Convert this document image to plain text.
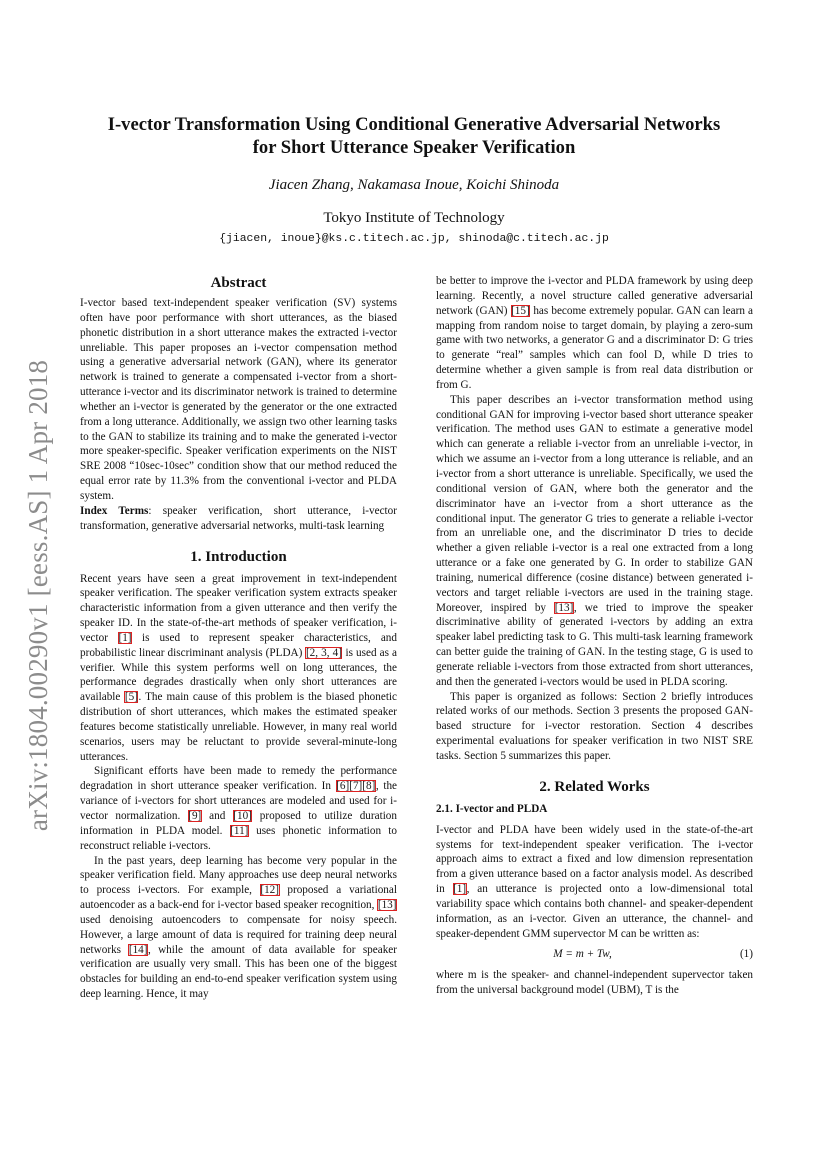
arXiv:1804.00290v1 [eess.AS] 1 Apr 2018
I-vector Transformation Using Conditional Generative Adversarial Networks
for Short Utterance Speaker Verification
Jiacen Zhang, Nakamasa Inoue, Koichi Shinoda
Tokyo Institute of Technology
{jiacen, inoue}@ks.c.titech.ac.jp, shinoda@c.titech.ac.jp
Abstract

I-vector based text-independent speaker verification (SV) systems often have poor performance with short utterances, as the biased phonetic distribution in a short utterance makes the extracted i-vector unreliable. This paper proposes an i-vector compensation method using a generative adversarial network (GAN), where its generator network is trained to generate a compensated i-vector from a short-utterance i-vector and its discriminator network is trained to determine whether an i-vector is generated by the generator or the one extracted from a long utterance. Additionally, we assign two other learning tasks to the GAN to stabilize its training and to make the generated i-vector more speaker-specific. Speaker verification experiments on the NIST SRE 2008 “10sec-10sec” condition show that our method reduced the equal error rate by 11.3% from the conventional i-vector and PLDA system.

Index Terms: speaker verification, short utterance, i-vector transformation, generative adversarial networks, multi-task learning

1. Introduction

Recent years have seen a great improvement in text-independent speaker verification. The speaker verification system extracts speaker characteristic information from a given utterance and then verify the speaker ID. In the state-of-the-art methods of speaker verification, i-vector [1] is used to represent speaker characteristics, and probabilistic linear discriminant analysis (PLDA) [2, 3, 4] is used as a verifier. While this system performs well on long utterances, the performance degrades drastically when only short utterances are available [5]. The main cause of this problem is the biased phonetic distribution of short utterances, which makes the estimated speaker features become statistically unreliable. However, in many real world scenarios, users may be reluctant to provide several-minute-long utterances.

Significant efforts have been made to remedy the performance degradation in short utterance speaker verification. In [6][7][8], the variance of i-vectors for short utterances are modeled and used for i-vector normalization. [9] and [10] proposed to utilize duration information in PLDA model. [11] uses phonetic information to reconstruct reliable i-vectors.

In the past years, deep learning has become very popular in the speaker verification field. Many approaches use deep neural networks to process i-vectors. For example, [12] proposed a variational autoencoder as a back-end for i-vector based speaker recognition, [13] used denoising autoencoders to compensate for noisy speech. However, a large amount of data is required for training deep neural networks [14], while the amount of data available for speaker verification are usually very small. This has been one of the biggest obstacles for building an end-to-end speaker verification system using deep learning. Hence, it may

be better to improve the i-vector and PLDA framework by using deep learning. Recently, a novel structure called generative adversarial network (GAN) [15] has become extremely popular. GAN can learn a mapping from random noise to target domain, by playing a zero-sum game with two networks, a generator G and a discriminator D: G tries to generate “real” samples which can fool D, while D tries to determine whether a given sample is from real data distribution or from G.

This paper describes an i-vector transformation method using conditional GAN for improving i-vector based short utterance speaker verification. The method uses GAN to estimate a generative model which can generate a reliable i-vector from an unreliable i-vector, in which we assume an i-vector from a long utterance is reliable, and an i-vector from a short utterance is unreliable. Specifically, we used the conditional version of GAN, where both the generator and the discriminator have an i-vector from a short utterance as the conditional input. The generator G tries to generate a reliable i-vector from an unreliable one, and the discriminator D tries to decide whether a given reliable i-vector is a real one extracted from a long utterance or a fake one generated by G. In order to stabilize GAN training, numerical difference (cosine distance) between generated i-vectors and target reliable i-vectors are used in the training stage. Moreover, inspired by [13], we tried to improve the speaker discriminative ability of generated i-vectors by adding an extra speaker label predicting task to G. This multi-task learning framework can better guide the training of GAN. In the testing stage, G is used to generate reliable i-vectors from those extracted from short utterances, and then the generated i-vectors would be used in PLDA scoring.

This paper is organized as follows: Section 2 briefly introduces related works of our methods. Section 3 presents the proposed GAN-based structure for i-vector restoration. Section 4 describes experimental evaluations for speaker verification in two NIST SRE tasks. Section 5 summarizes this paper.

2. Related Works
2.1. I-vector and PLDA

I-vector and PLDA have been widely used in the state-of-the-art systems for text-independent speaker verification. The i-vector approach aims to extract a fixed and low dimension representation from a given utterance based on a factor analysis model. As described in [1], an utterance is projected onto a low-dimensional total variability space which contains both channel- and speaker-dependent information, as an i-vector. Given an utterance, the channel- and speaker-dependent GMM supervector M can be written as:

M = m + Tw,	(1)

where m is the speaker- and channel-independent supervector taken from the universal background model (UBM), T is the
